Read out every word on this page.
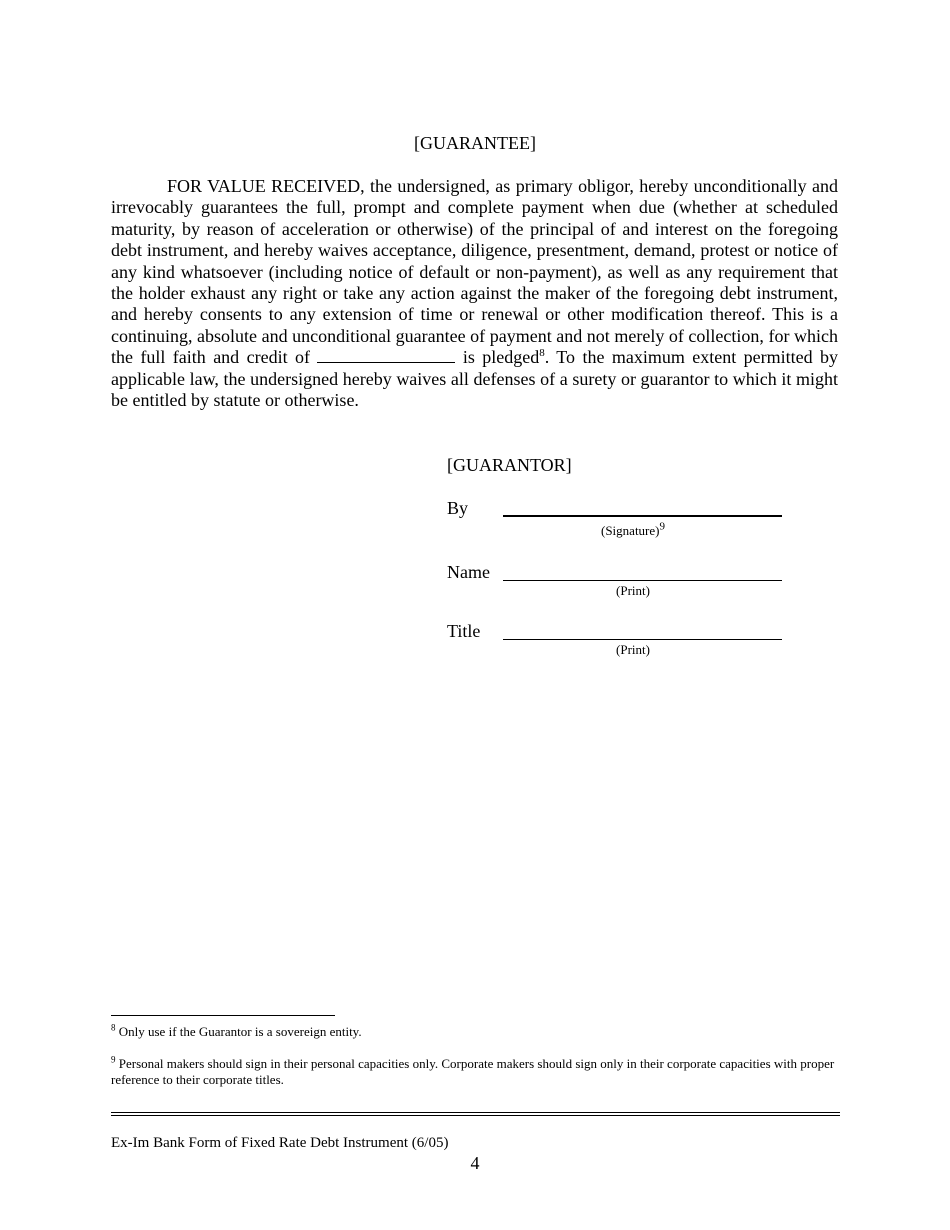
[GUARANTEE]

FOR VALUE RECEIVED, the undersigned, as primary obligor, hereby unconditionally and irrevocably guarantees the full, prompt and complete payment when due (whether at scheduled maturity, by reason of acceleration or otherwise) of the principal of and interest on the foregoing debt instrument, and hereby waives acceptance, diligence, presentment, demand, protest or notice of any kind whatsoever (including notice of default or non-payment), as well as any requirement that the holder exhaust any right or take any action against the maker of the foregoing debt instrument, and hereby consents to any extension of time or renewal or other modification thereof. This is a continuing, absolute and unconditional guarantee of payment and not merely of collection, for which the full faith and credit of	is pledged$^8$. To the maximum extent permitted by applicable law, the undersigned hereby waives all defenses of a surety or guarantor to which it might be entitled by statute or otherwise.

[GUARANTOR]
By
(Signature)$^9$
Name
(Print)
Title
(Print)

$^8$ Only use if the Guarantor is a sovereign entity.

$^9$ Personal makers should sign in their personal capacities only. Corporate makers should sign only in their corporate capacities with proper reference to their corporate titles.

Ex-Im Bank Form of Fixed Rate Debt Instrument (6/05)
4
